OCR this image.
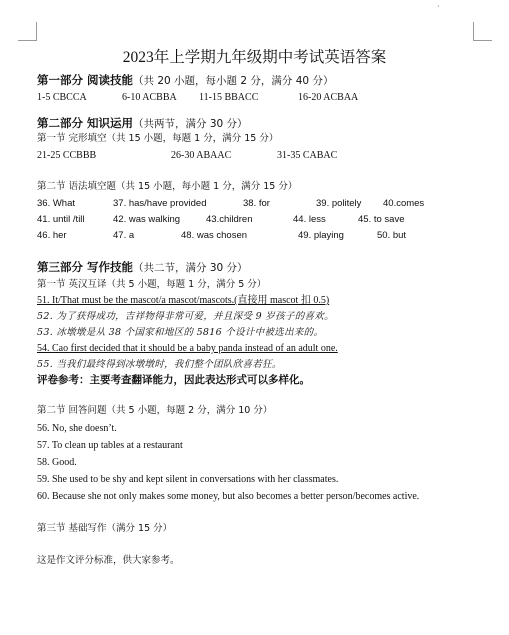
·
2023年上学期九年级期中考试英语答案
第一部分 阅读技能（共 20 小题，每小题 2 分，满分 40 分）
1-5 CBCCA	6-10 ACBBA 11-15 BBACC	16-20 ACBAA
第二部分 知识运用（共两节，满分 30 分）
第一节 完形填空（共 15 小题，每题 1 分，满分 15 分）
21-25 CCBBB	26-30 ABAAC	31-35 CABAC
第二节 语法填空题（共 15 小题，每小题 1 分，满分 15 分）
36. What	37. has/have provided	38. for	39. politely 40.comes
41. until /till	42. was walking	43.children	44. less	45. to save
46. her	47. a	48. was chosen	49. playing	50. but
第三部分 写作技能（共二节，满分 30 分）
第一节 英汉互译（共 5 小题，每题 1 分，满分 5 分）
51. It/That must be the mascot/a mascot/mascots.(直接用 mascot 扣 0.5)
52. 为了获得成功，吉祥物得非常可爱，并且深受 9 岁孩子的喜欢。
53. 冰墩墩是从 38 个国家和地区的 5816 个设计中被选出来的。
54. Cao first decided that it should be a baby panda instead of an adult one.
55. 当我们最终得到冰墩墩时，我们整个团队欣喜若狂。
评卷参考：主要考查翻译能力，因此表达形式可以多样化。
第二节 回答问题（共 5 小题，每题 2 分，满分 10 分）
56. No, she doesn’t.
57. To clean up tables at a restaurant
58. Good.
59. She used to be shy and kept silent in conversations with her classmates.
60. Because she not only makes some money, but also becomes a better person/becomes active.
第三节 基础写作（满分 15 分）
这是作文评分标准，供大家参考。
